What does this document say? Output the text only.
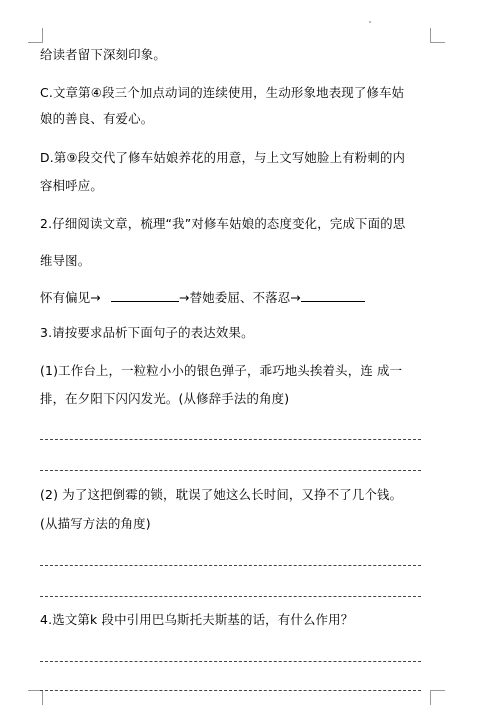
给读者留下深刻印象。
C.文章第④段三个加点动词的连续使用，生动形象地表现了修车姑
娘的善良、有爱心。
D.第⑨段交代了修车姑娘养花的用意，与上文写她脸上有粉刺的内
容相呼应。
2.仔细阅读文章，梳理“我”对修车姑娘的态度变化，完成下面的思
维导图。
怀有偏见→	→替她委屈、不落忍→
3.请按要求品析下面句子的表达效果。
(1)工作台上，一粒粒小小的银色弹子，乖巧地头挨着头，连 成一
排，在夕阳下闪闪发光。(从修辞手法的角度)
(2) 为了这把倒霉的锁，耽误了她这么长时间，又挣不了几个钱。
(从描写方法的角度)
4.选文第k 段中引用巴乌斯托夫斯基的话，有什么作用？
